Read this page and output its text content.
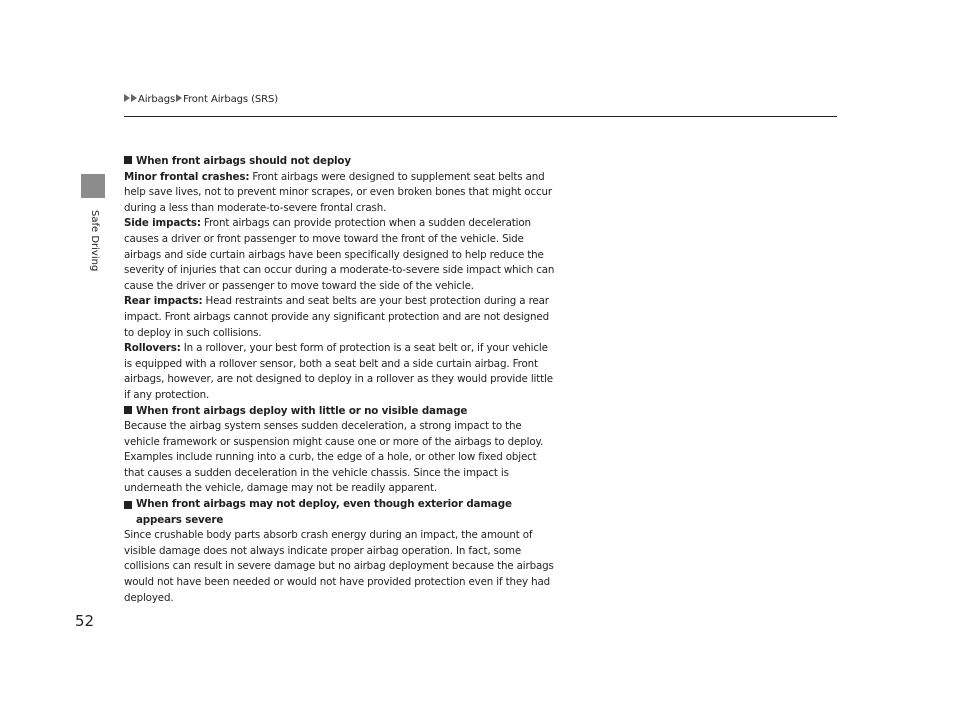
Airbags Front Airbags (SRS)
Safe Driving

When front airbags should not deploy

Minor frontal crashes: Front airbags were designed to supplement seat belts and help save lives, not to prevent minor scrapes, or even broken bones that might occur during a less than moderate-to-severe frontal crash.

Side impacts: Front airbags can provide protection when a sudden deceleration causes a driver or front passenger to move toward the front of the vehicle. Side airbags and side curtain airbags have been specifically designed to help reduce the severity of injuries that can occur during a moderate-to-severe side impact which can cause the driver or passenger to move toward the side of the vehicle.

Rear impacts: Head restraints and seat belts are your best protection during a rear impact. Front airbags cannot provide any significant protection and are not designed to deploy in such collisions.

Rollovers: In a rollover, your best form of protection is a seat belt or, if your vehicle is equipped with a rollover sensor, both a seat belt and a side curtain airbag. Front airbags, however, are not designed to deploy in a rollover as they would provide little if any protection.

When front airbags deploy with little or no visible damage

Because the airbag system senses sudden deceleration, a strong impact to the vehicle framework or suspension might cause one or more of the airbags to deploy. Examples include running into a curb, the edge of a hole, or other low fixed object that causes a sudden deceleration in the vehicle chassis. Since the impact is underneath the vehicle, damage may not be readily apparent.

When front airbags may not deploy, even though exterior damage appears severe

Since crushable body parts absorb crash energy during an impact, the amount of visible damage does not always indicate proper airbag operation. In fact, some collisions can result in severe damage but no airbag deployment because the airbags would not have been needed or would not have provided protection even if they had deployed.

52
